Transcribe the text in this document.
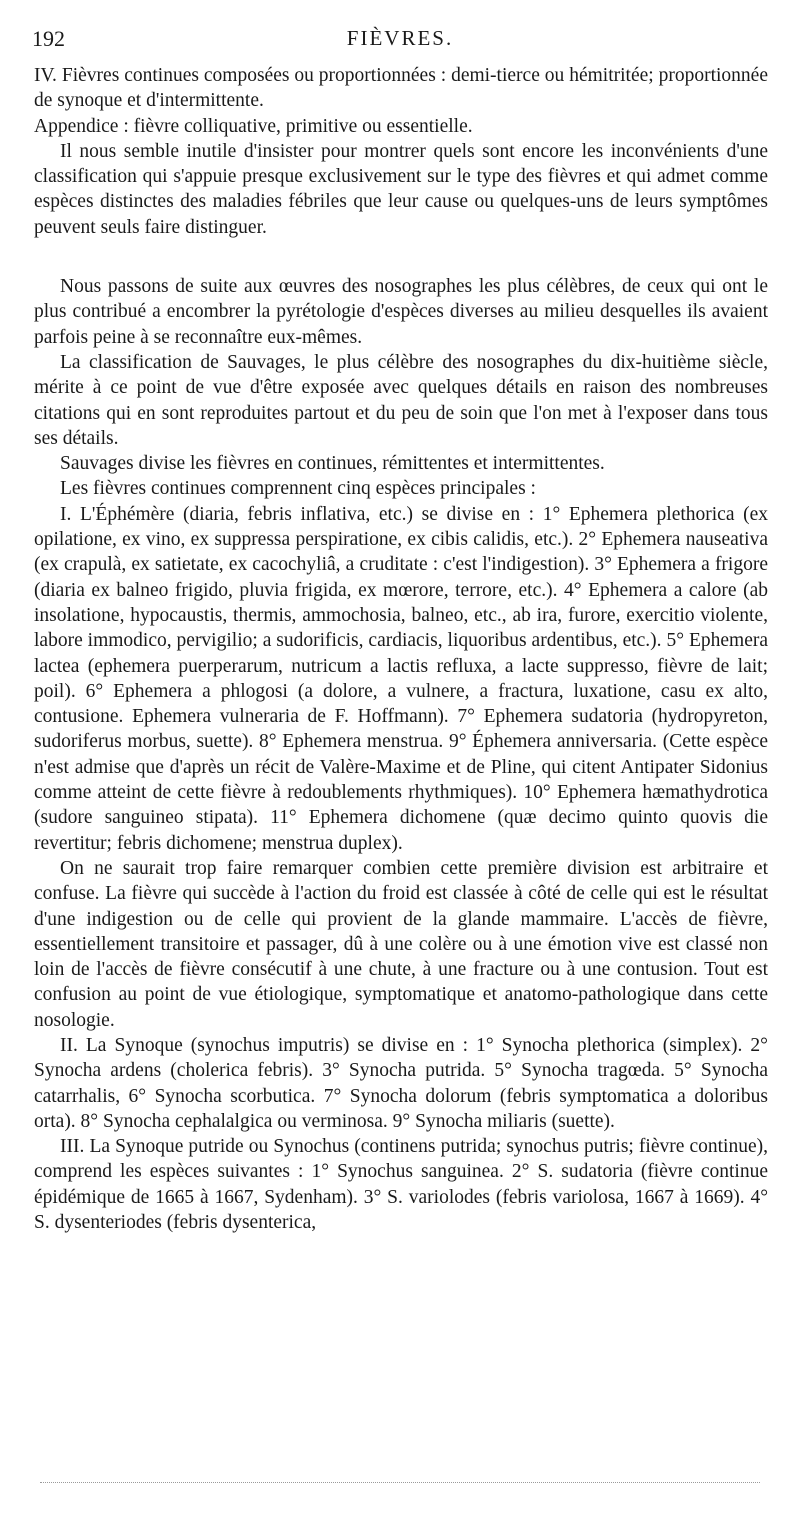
192	FIÈVRES.

IV. Fièvres continues composées ou proportionnées : demi-tierce ou hémitritée; proportionnée de synoque et d'intermittente.

Appendice : fièvre colliquative, primitive ou essentielle.

Il nous semble inutile d'insister pour montrer quels sont encore les inconvénients d'une classification qui s'appuie presque exclusivement sur le type des fièvres et qui admet comme espèces distinctes des maladies fébriles que leur cause ou quelques-uns de leurs symptômes peuvent seuls faire distinguer.

Nous passons de suite aux œuvres des nosographes les plus célèbres, de ceux qui ont le plus contribué a encombrer la pyrétologie d'espèces diverses au milieu desquelles ils avaient parfois peine à se reconnaître eux-mêmes.

La classification de Sauvages, le plus célèbre des nosographes du dix-huitième siècle, mérite à ce point de vue d'être exposée avec quelques détails en raison des nombreuses citations qui en sont reproduites partout et du peu de soin que l'on met à l'exposer dans tous ses détails.

Sauvages divise les fièvres en continues, rémittentes et intermittentes.

Les fièvres continues comprennent cinq espèces principales :

I. L'Éphémère (diaria, febris inflativa, etc.) se divise en : 1° Ephemera plethorica (ex opilatione, ex vino, ex suppressa perspiratione, ex cibis calidis, etc.). 2° Ephemera nauseativa (ex crapulà, ex satietate, ex cacochyliâ, a cruditate : c'est l'indigestion). 3° Ephemera a frigore (diaria ex balneo frigido, pluvia frigida, ex mœrore, terrore, etc.). 4° Ephemera a calore (ab insolatione, hypocaustis, thermis, ammochosia, balneo, etc., ab ira, furore, exercitio violente, labore immodico, pervigilio; a sudorificis, cardiacis, liquoribus ardentibus, etc.). 5° Ephemera lactea (ephemera puerperarum, nutricum a lactis refluxa, a lacte suppresso, fièvre de lait; poil). 6° Ephemera a phlogosi (a dolore, a vulnere, a fractura, luxatione, casu ex alto, contusione. Ephemera vulneraria de F. Hoffmann). 7° Ephemera sudatoria (hydropyreton, sudoriferus morbus, suette). 8° Ephemera menstrua. 9° Éphemera anniversaria. (Cette espèce n'est admise que d'après un récit de Valère-Maxime et de Pline, qui citent Antipater Sidonius comme atteint de cette fièvre à redoublements rhythmiques). 10° Ephemera hæmathydrotica (sudore sanguineo stipata). 11° Ephemera dichomene (quæ decimo quinto quovis die revertitur; febris dichomene; menstrua duplex).

On ne saurait trop faire remarquer combien cette première division est arbitraire et confuse. La fièvre qui succède à l'action du froid est classée à côté de celle qui est le résultat d'une indigestion ou de celle qui provient de la glande mammaire. L'accès de fièvre, essentiellement transitoire et passager, dû à une colère ou à une émotion vive est classé non loin de l'accès de fièvre consécutif à une chute, à une fracture ou à une contusion. Tout est confusion au point de vue étiologique, symptomatique et anatomo-pathologique dans cette nosologie.

II. La Synoque (synochus imputris) se divise en : 1° Synocha plethorica (simplex). 2° Synocha ardens (cholerica febris). 3° Synocha putrida. 5° Synocha tragœda. 5° Synocha catarrhalis, 6° Synocha scorbutica. 7° Synocha dolorum (febris symptomatica a doloribus orta). 8° Synocha cephalalgica ou verminosa. 9° Synocha miliaris (suette).

III. La Synoque putride ou Synochus (continens putrida; synochus putris; fièvre continue), comprend les espèces suivantes : 1° Synochus sanguinea. 2° S. sudatoria (fièvre continue épidémique de 1665 à 1667, Sydenham). 3° S. variolodes (febris variolosa, 1667 à 1669). 4° S. dysenteriodes (febris dysenterica,
